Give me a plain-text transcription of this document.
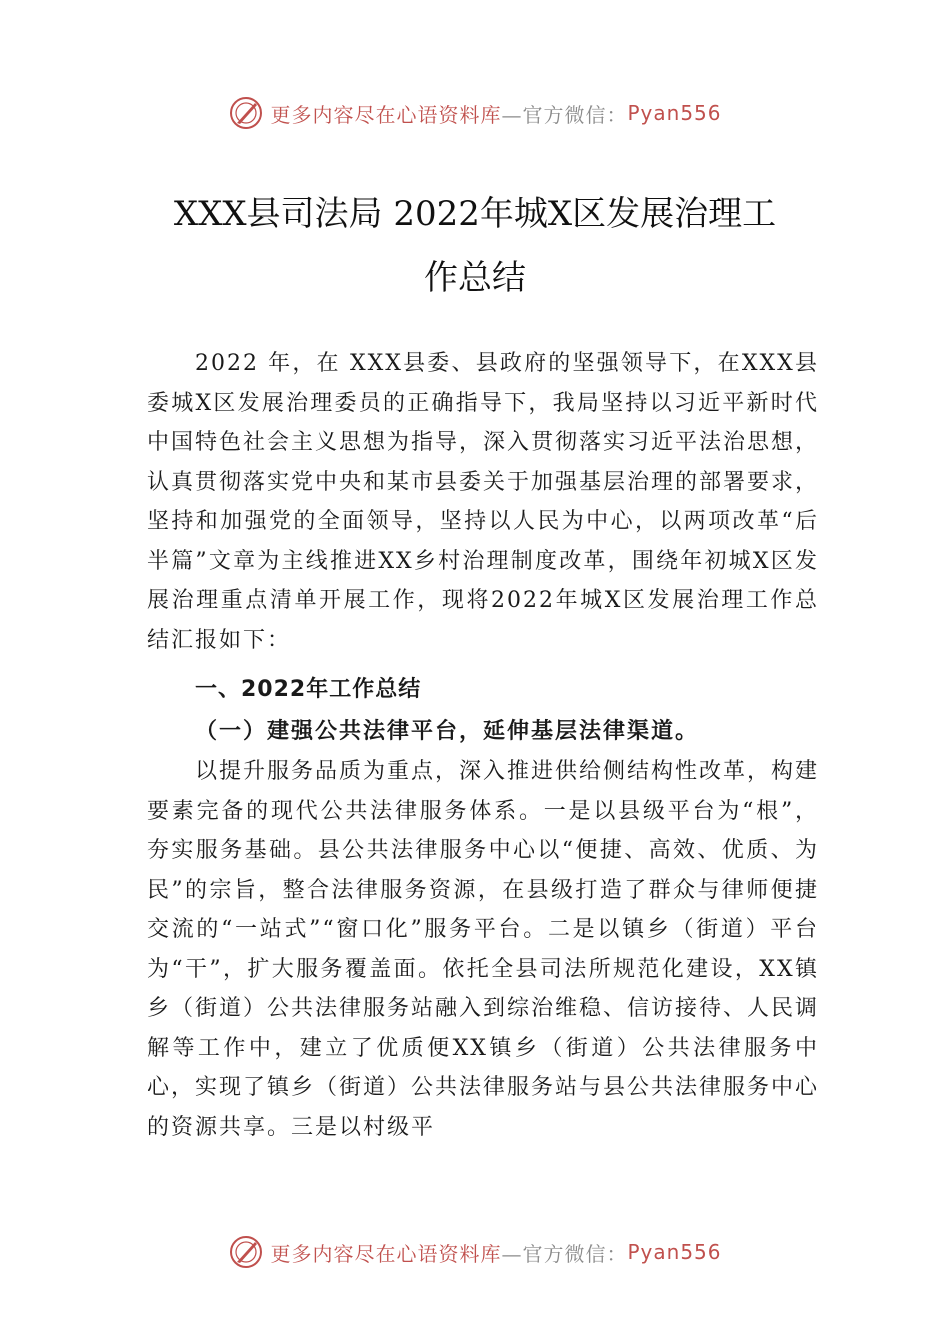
更多内容尽在心语资料库 —官方微信： Pyan556
XXX县司法局 2022年城X区发展治理工
作总结
2022 年，在 XXX县委、县政府的坚强领导下，在XXX县委城X区发展治理委员的正确指导下，我局坚持以习近平新时代中国特色社会主义思想为指导，深入贯彻落实习近平法治思想，认真贯彻落实党中央和某市县委关于加强基层治理的部署要求，坚持和加强党的全面领导，坚持以人民为中心，以两项改革“后半篇”文章为主线推进XX乡村治理制度改革，围绕年初城X区发展治理重点清单开展工作，现将2022年城X区发展治理工作总结汇报如下：
一、2022年工作总结
（一）建强公共法律平台，延伸基层法律渠道。
以提升服务品质为重点，深入推进供给侧结构性改革，构建要素完备的现代公共法律服务体系。一是以县级平台为“根”，夯实服务基础。县公共法律服务中心以“便捷、高效、优质、为民”的宗旨，整合法律服务资源，在县级打造了群众与律师便捷交流的“一站式”“窗口化”服务平台。二是以镇乡（街道）平台为“干”，扩大服务覆盖面。依托全县司法所规范化建设，XX镇乡（街道）公共法律服务站融入到综治维稳、信访接待、人民调解等工作中，建立了优质便XX镇乡（街道）公共法律服务中心，实现了镇乡（街道）公共法律服务站与县公共法律服务中心的资源共享。三是以村级平
更多内容尽在心语资料库 —官方微信： Pyan556
